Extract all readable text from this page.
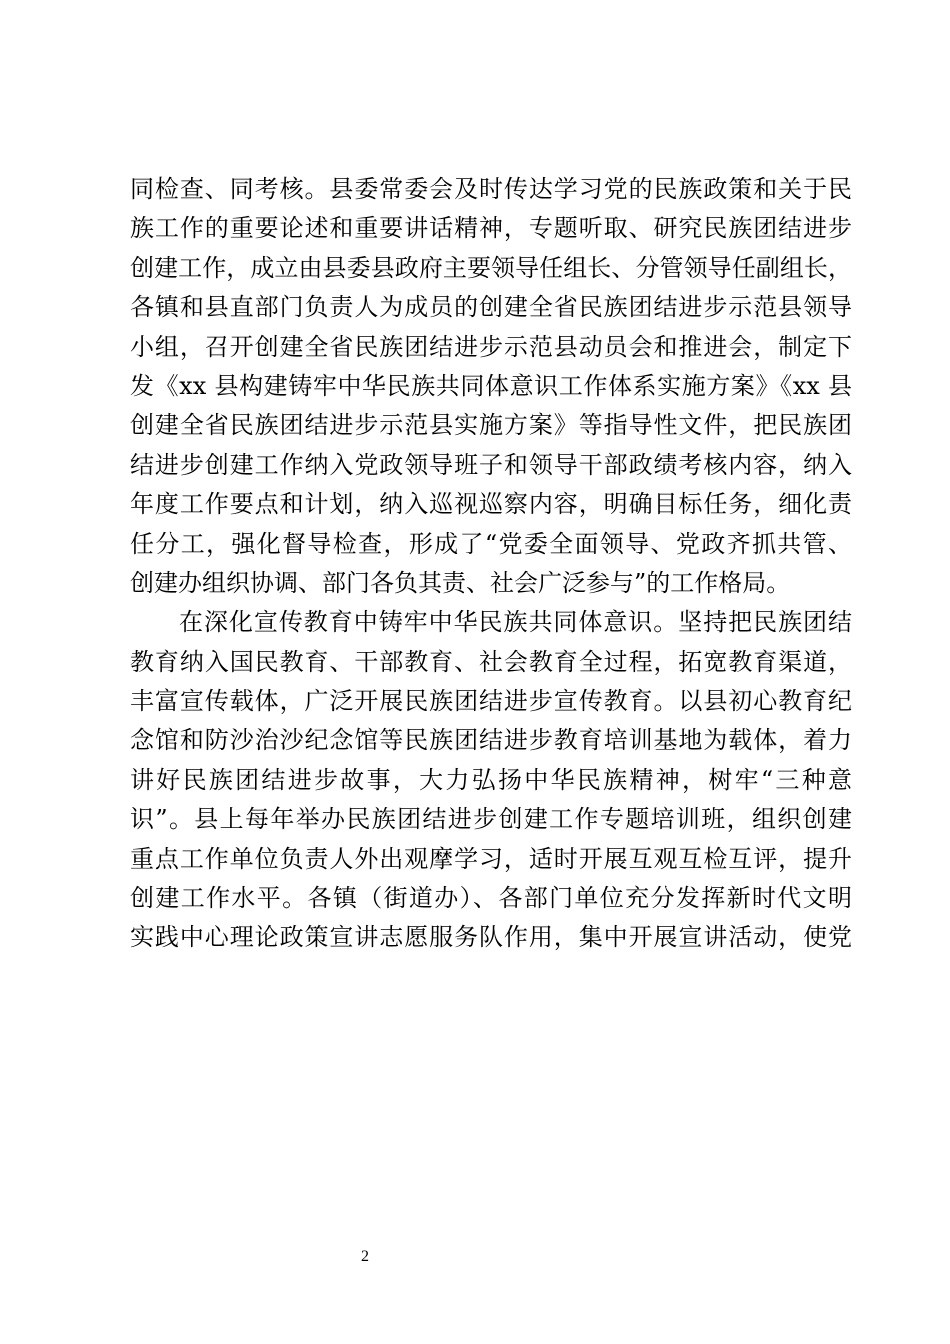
同检查、同考核。县委常委会及时传达学习党的民族政策和关于民
族工作的重要论述和重要讲话精神，专题听取、研究民族团结进步
创建工作，成立由县委县政府主要领导任组长、分管领导任副组长，
各镇和县直部门负责人为成员的创建全省民族团结进步示范县领导
小组，召开创建全省民族团结进步示范县动员会和推进会，制定下
发《xx 县构建铸牢中华民族共同体意识工作体系实施方案》《xx 县
创建全省民族团结进步示范县实施方案》等指导性文件，把民族团
结进步创建工作纳入党政领导班子和领导干部政绩考核内容，纳入
年度工作要点和计划，纳入巡视巡察内容，明确目标任务，细化责
任分工，强化督导检查，形成了“党委全面领导、党政齐抓共管、
创建办组织协调、部门各负其责、社会广泛参与”的工作格局。
在深化宣传教育中铸牢中华民族共同体意识。坚持把民族团结
教育纳入国民教育、干部教育、社会教育全过程，拓宽教育渠道，
丰富宣传载体，广泛开展民族团结进步宣传教育。以县初心教育纪
念馆和防沙治沙纪念馆等民族团结进步教育培训基地为载体，着力
讲好民族团结进步故事，大力弘扬中华民族精神，树牢“三种意
识”。县上每年举办民族团结进步创建工作专题培训班，组织创建
重点工作单位负责人外出观摩学习，适时开展互观互检互评，提升
创建工作水平。各镇（街道办）、各部门单位充分发挥新时代文明
实践中心理论政策宣讲志愿服务队作用，集中开展宣讲活动，使党
2
